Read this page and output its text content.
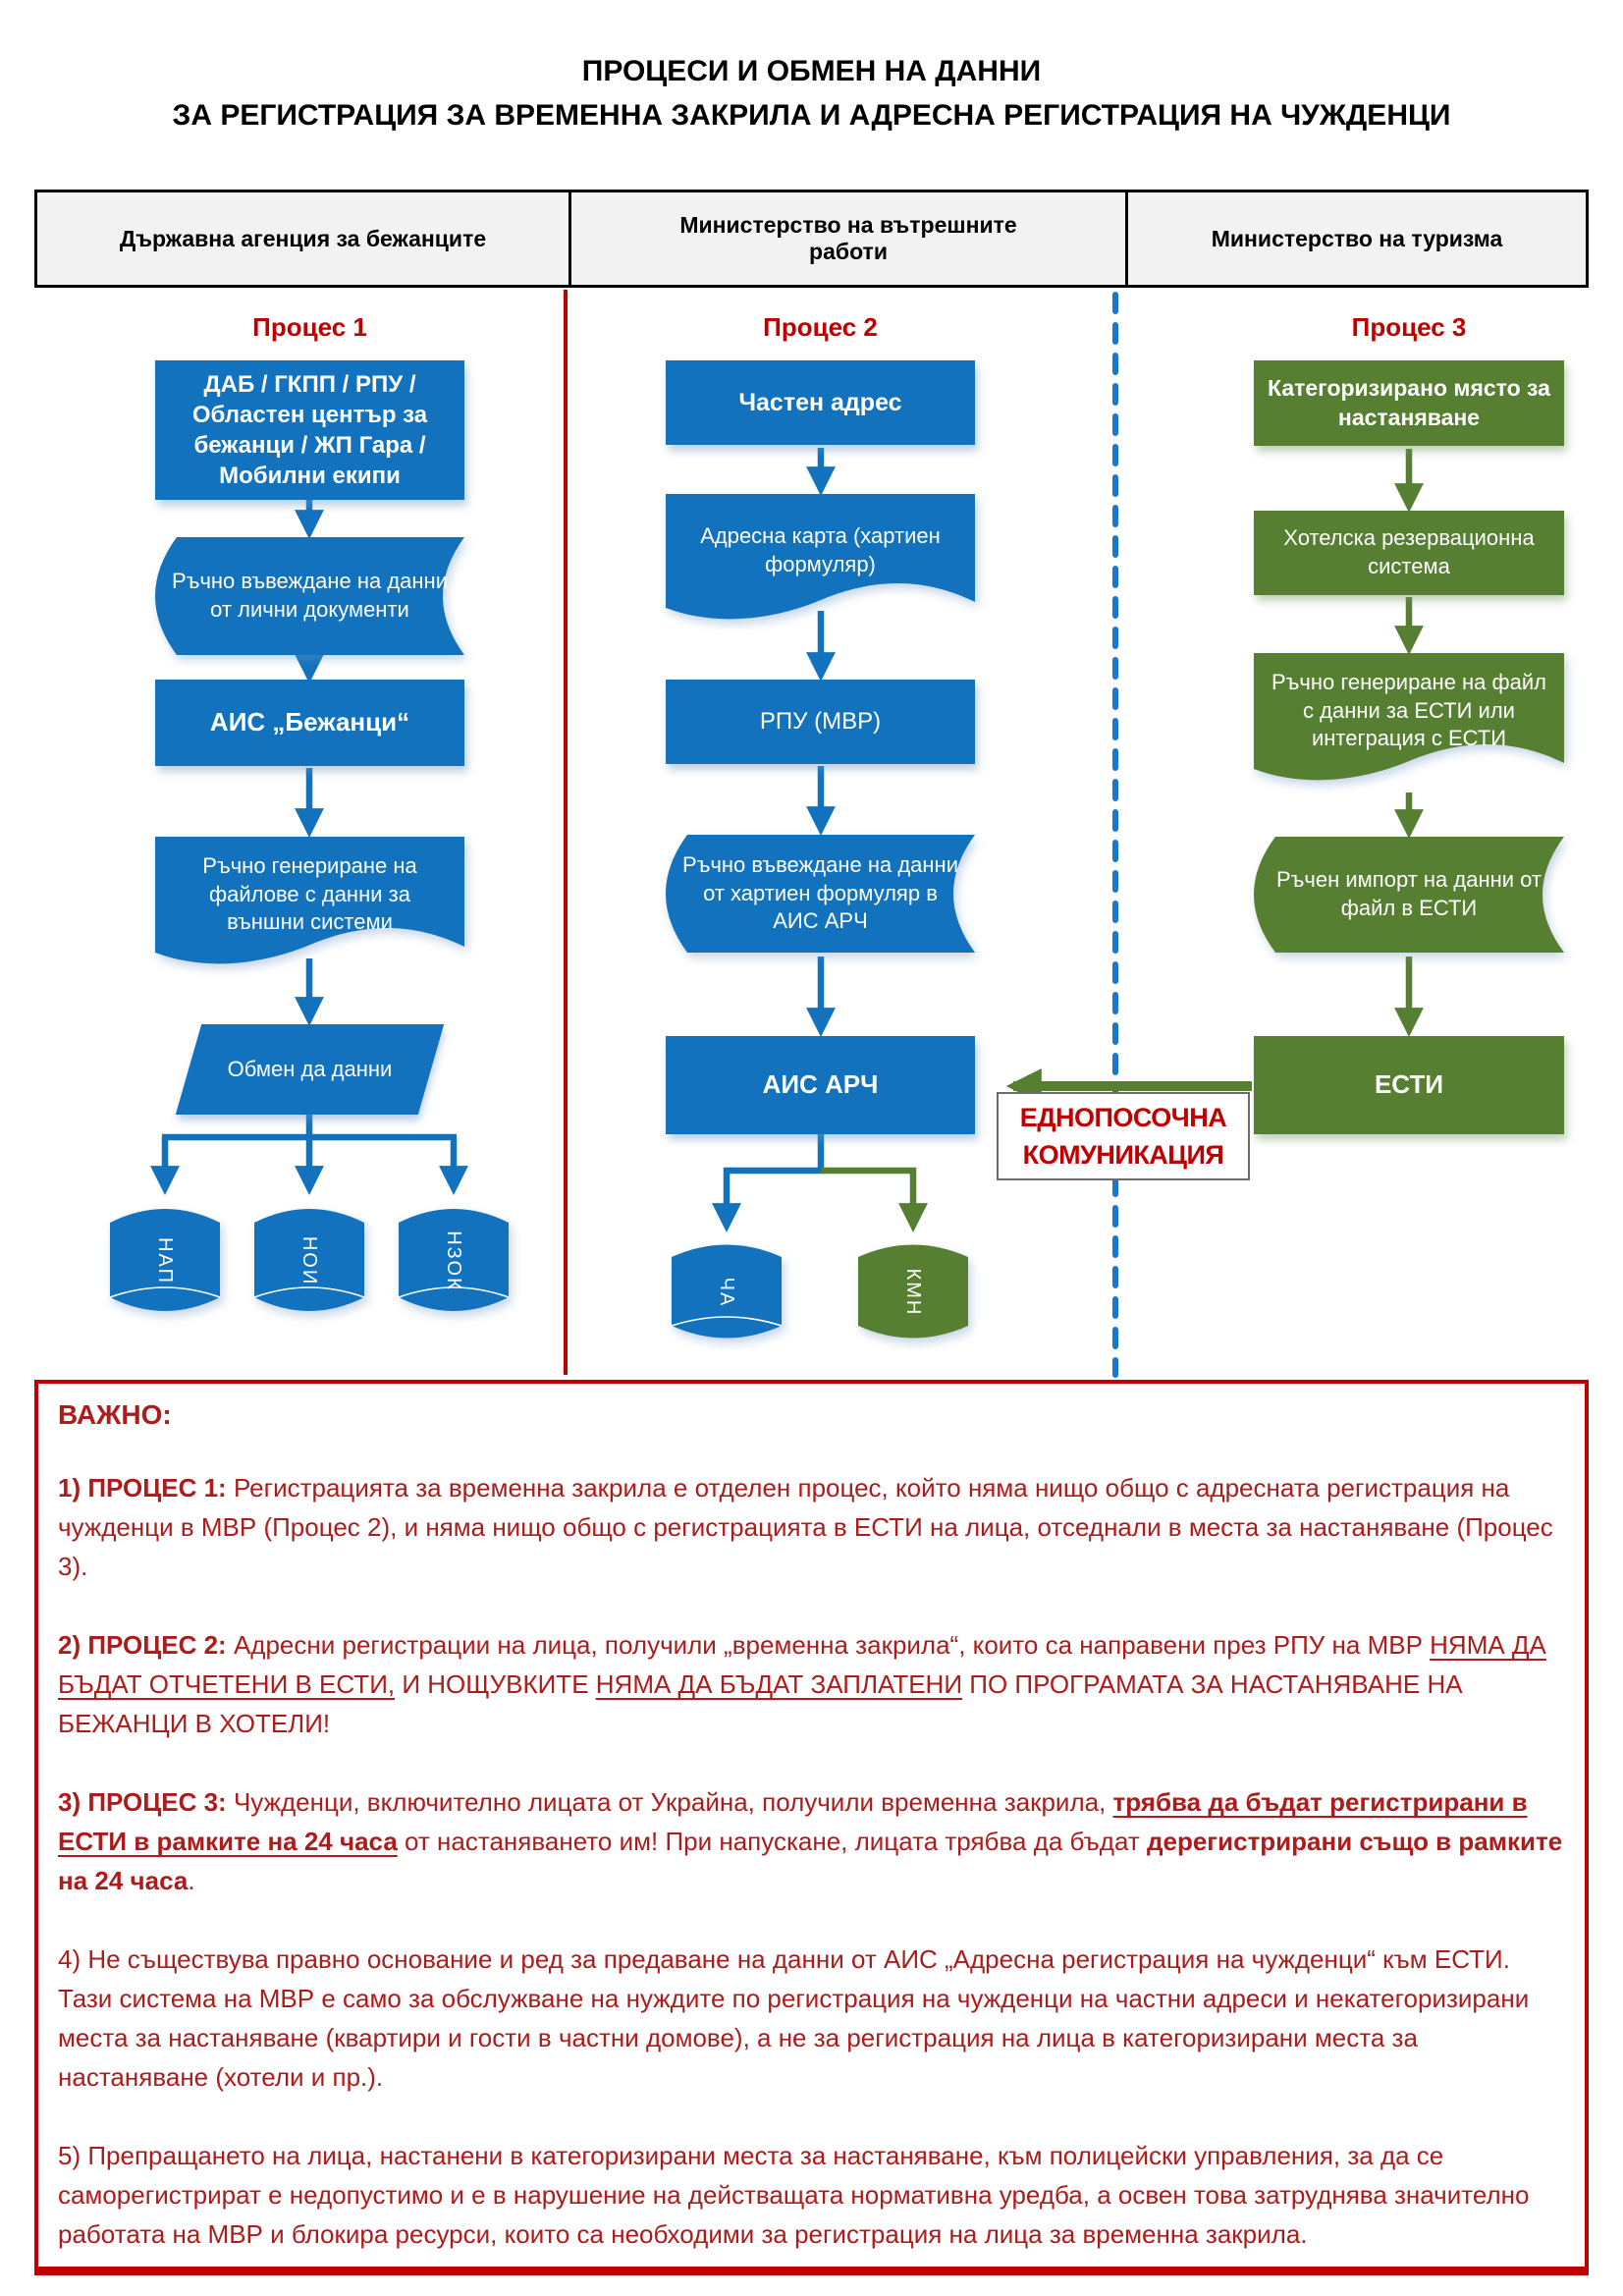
ПРОЦЕСИ И ОБМЕН НА ДАННИ
ЗА РЕГИСТРАЦИЯ ЗА ВРЕМЕННА ЗАКРИЛА И АДРЕСНА РЕГИСТРАЦИЯ НА ЧУЖДЕНЦИ
Държавна агенция за бежанците
Министерство на вътрешните работи
Министерство на туризма
Процес 1
ДАБ / ГКПП / РПУ / Областен център за бежанци / ЖП Гара / Мобилни екипи
Ръчно въвеждане на данни от лични документи
АИС „Бежанци“
Ръчно генериране на файлове с данни за външни системи
Обмен да данни
НАП	НОИ	НЗОК
Процес 2
Частен адрес
Адресна карта (хартиен формуляр)
РПУ (МВР)
Ръчно въвеждане на данни от хартиен формуляр в АИС АРЧ
АИС АРЧ
ЧА	КМН
Процес 3
Категоризирано място за настаняване
Хотелска резервационна система
Ръчно генериране на файл с данни за ЕСТИ или интеграция с ЕСТИ
Ръчен импорт на данни от файл в ЕСТИ
ЕСТИ
ЕДНОПОСОЧНА
КОМУНИКАЦИЯ
ВАЖНО:

1) ПРОЦЕС 1: Регистрацията за временна закрила е отделен процес, който няма нищо общо с адресната регистрация на чужденци в МВР (Процес 2), и няма нищо общо с регистрацията в ЕСТИ на лица, отседнали в места за настаняване (Процес 3).

2) ПРОЦЕС 2: Адресни регистрации на лица, получили „временна закрила“, които са направени през РПУ на МВР НЯМА ДА БЪДАТ ОТЧЕТЕНИ В ЕСТИ, И НОЩУВКИТЕ НЯМА ДА БЪДАТ ЗАПЛАТЕНИ ПО ПРОГРАМАТА ЗА НАСТАНЯВАНЕ НА БЕЖАНЦИ В ХОТЕЛИ!

3) ПРОЦЕС 3: Чужденци, включително лицата от Украйна, получили временна закрила, трябва да бъдат регистрирани в ЕСТИ в рамките на 24 часа от настаняването им! При напускане, лицата трябва да бъдат дерегистрирани също в рамките на 24 часа.

4) Не съществува правно основание и ред за предаване на данни от АИС „Адресна регистрация на чужденци“ към ЕСТИ. Тази система на МВР е само за обслужване на нуждите по регистрация на чужденци на частни адреси и некатегоризирани места за настаняване (квартири и гости в частни домове), а не за регистрация на лица в категоризирани места за настаняване (хотели и пр.).

5) Препращането на лица, настанени в категоризирани места за настаняване, към полицейски управления, за да се саморегистрират е недопустимо и е в нарушение на действащата нормативна уредба, а освен това затруднява значително работата на МВР и блокира ресурси, които са необходими за регистрация на лица за временна закрила.
